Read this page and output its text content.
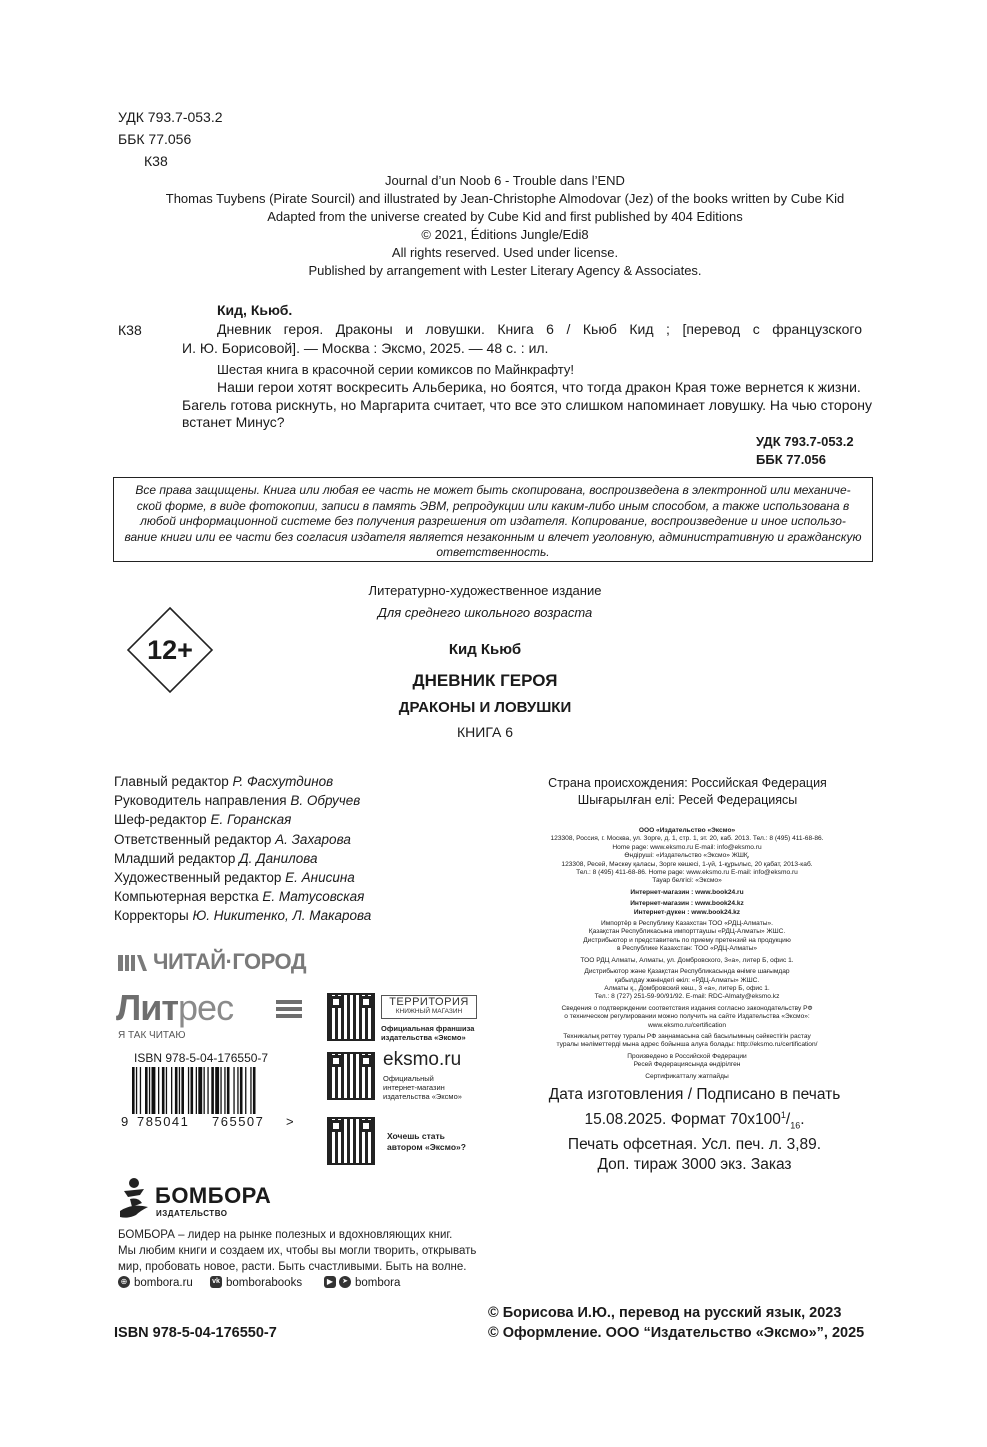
УДК 793.7-053.2
ББК 77.056
К38
Journal d’un Noob 6 - Trouble dans l’END
Thomas Tuybens (Pirate Sourcil) and illustrated by Jean-Christophe Almodovar (Jez) of the books written by Cube Kid
Adapted from the universe created by Cube Kid and first published by 404 Editions
© 2021, Éditions Jungle/Edi8
All rights reserved. Used under license.
Published by arrangement with Lester Literary Agency & Associates.
Кид, Кьюб.
К38	Дневник героя. Драконы и ловушки. Книга 6 / Кьюб Кид ; [перевод с французского
И. Ю. Борисовой]. — Москва : Эксмо, 2025. — 48 с. : ил.
Шестая книга в красочной серии комиксов по Майнкрафту!
Наши герои хотят воскресить Альберика, но боятся, что тогда дракон Края тоже вернется к жизни.
Багель готова рискнуть, но Маргарита считает, что все это слишком напоминает ловушку. На чью сторону
встанет Минус?
УДК 793.7-053.2
ББК 77.056
Все права защищены. Книга или любая ее часть не может быть скопирована, воспроизведена в электронной или механиче-
ской форме, в виде фотокопии, записи в память ЭВМ, репродукции или каким-либо иным способом, а также использована в
любой информационной системе без получения разрешения от издателя. Копирование, воспроизведение и иное использо-
вание книги или ее части без согласия издателя является незаконным и влечет уголовную, административную и гражданскую
ответственность.
Литературно-художественное издание
Для среднего школьного возраста
12+	Кид Кьюб
ДНЕВНИК ГЕРОЯ
ДРАКОНЫ И ЛОВУШКИ
КНИГА 6
Главный редактор Р. Фасхутдинов
Руководитель направления В. Обручев
Шеф-редактор Е. Горанская
Ответственный редактор А. Захарова
Младший редактор Д. Данилова
Художественный редактор Е. Анисина
Компьютерная верстка Е. Матусовская
Корректоры Ю. Никитенко, Л. Макарова
Страна происхождения: Российская Федерация
Шығарылған елі: Ресей Федерациясы
ООО «Издательство «Эксмо»
123308, Россия, г. Москва, ул. Зорге, д. 1, стр. 1, эт. 20, каб. 2013. Тел.: 8 (495) 411-68-86.
Home page: www.eksmo.ru E-mail: info@eksmo.ru
Өндіруші: «Издательство «Эксмо» ЖШҚ,
123308, Ресей, Мәскеу қаласы, Зорге көшесі, 1-үй, 1-құрылыс, 20 қабат, 2013-каб.
Тел.: 8 (495) 411-68-86. Home page: www.eksmo.ru E-mail: info@eksmo.ru
Тауар белгісі: «Эксмо»
Интернет-магазин : www.book24.ru
Интернет-магазин : www.book24.kz
Интернет-дүкен : www.book24.kz
Импортёр в Республику Казахстан ТОО «РДЦ-Алматы».
Қазақстан Республикасына импорттаушы «РДЦ-Алматы» ЖШС.
Дистрибьютор и представитель по приему претензий на продукцию
в Республике Казахстан: ТОО «РДЦ-Алматы»
ТОО РДЦ Алматы, Алматы, ул. Домбровского, 3«а», литер Б, офис 1.
Дистрибьютор және Қазақстан Республикасында өнімге шағымдар
қабылдау жөніндегі өкіл: «РДЦ-Алматы» ЖШС.
Алматы қ., Домбровский көш., 3 «а», литер Б, офис 1.
Тел.: 8 (727) 251-59-90/91/92. E-mail: RDC-Almaty@eksmo.kz
Сведения о подтверждении соответствия издания согласно законодательству РФ
о техническом регулировании можно получить на сайте Издательства «Эксмо»:
www.eksmo.ru/certification
Техникалық реттеу туралы РФ заңнамасына сай басылымның сәйкестігін растау
туралы мәліметтерді мына адрес бойынша алуға болады: http://eksmo.ru/certification/
Произведено в Российской Федерации
Ресей Федерациясында өндірілген
Сертификатталу жатпайды
Дата изготовления / Подписано в печать
15.08.2025. Формат $70х100^1/_{16}$.
Печать офсетная. Усл. печ. л. 3,89.
Доп. тираж 3000 экз. Заказ
ЧИТАЙ·ГОРОД
Литрес
Я ТАК ЧИТАЮ
ISBN 978-5-04-176550-7
9 785041 765507 >
ТЕРРИТОРИЯ
КНИЖНЫЙ МАГАЗИН
Официальная франшиза
издательства «Эксмо»
eksmo.ru
Официальный
интернет-магазин
издательства «Эксмо»
Хочешь стать
автором «Эксмо»?
БОМБОРА
ИЗДАТЕЛЬСТВО
БОМБОРА – лидер на рынке полезных и вдохновляющих книг.
Мы любим книги и создаем их, чтобы вы могли творить, открывать
мир, пробовать новое, расти. Быть счастливыми. Быть на волне.
⊕ bombora.ru	vk bomborabooks	▶	➤ bombora
© Борисова И.Ю., перевод на русский язык, 2023
© Оформление. ООО “Издательство «Эксмо»”, 2025
ISBN 978-5-04-176550-7
